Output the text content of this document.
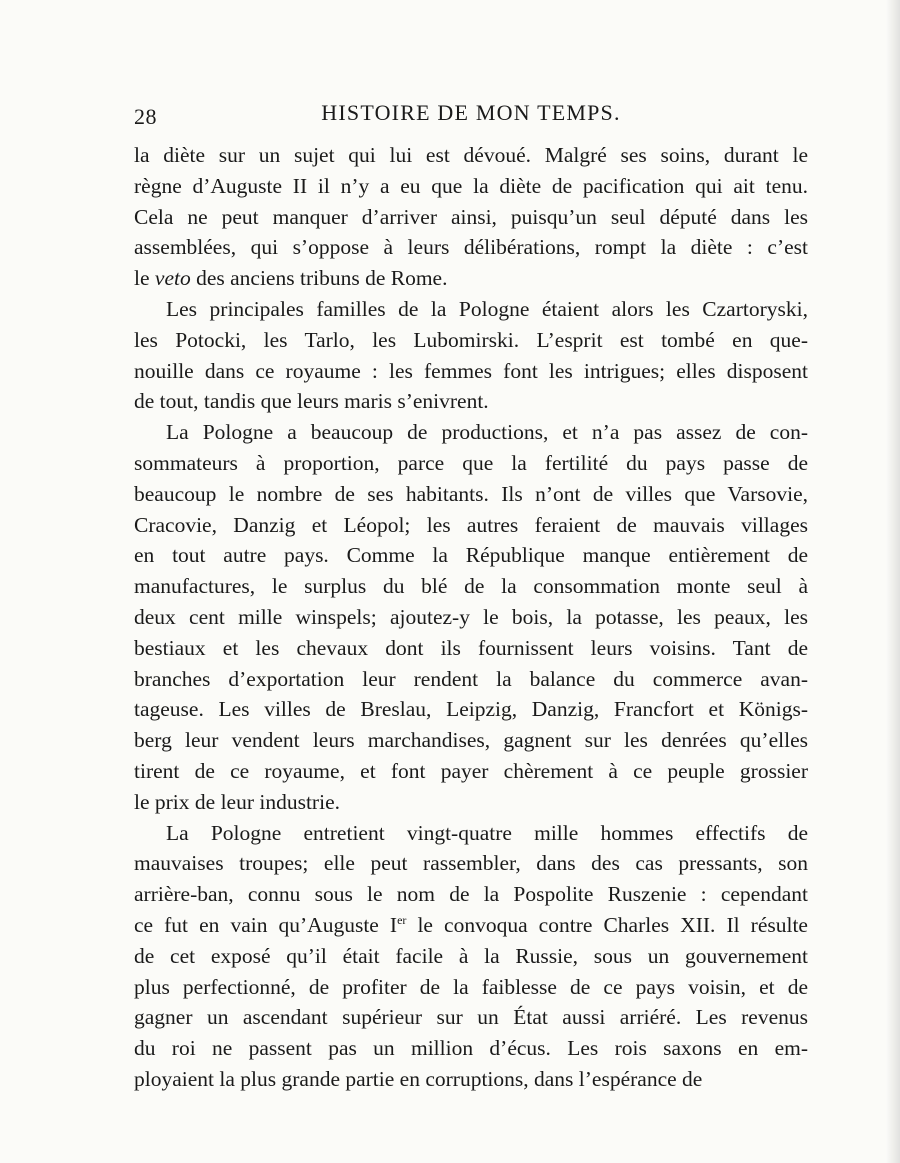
28	HISTOIRE DE MON TEMPS.
la diète sur un sujet qui lui est dévoué. Malgré ses soins, durant le
règne d’Auguste II il n’y a eu que la diète de pacification qui ait tenu.
Cela ne peut manquer d’arriver ainsi, puisqu’un seul député dans les
assemblées, qui s’oppose à leurs délibérations, rompt la diète : c’est
le veto des anciens tribuns de Rome.
Les principales familles de la Pologne étaient alors les Czartoryski,
les Potocki, les Tarlo, les Lubomirski. L’esprit est tombé en que-
nouille dans ce royaume : les femmes font les intrigues; elles disposent
de tout, tandis que leurs maris s’enivrent.
La Pologne a beaucoup de productions, et n’a pas assez de con-
sommateurs à proportion, parce que la fertilité du pays passe de
beaucoup le nombre de ses habitants. Ils n’ont de villes que Varsovie,
Cracovie, Danzig et Léopol; les autres feraient de mauvais villages
en tout autre pays. Comme la République manque entièrement de
manufactures, le surplus du blé de la consommation monte seul à
deux cent mille winspels; ajoutez-y le bois, la potasse, les peaux, les
bestiaux et les chevaux dont ils fournissent leurs voisins. Tant de
branches d’exportation leur rendent la balance du commerce avan-
tageuse. Les villes de Breslau, Leipzig, Danzig, Francfort et Königs-
berg leur vendent leurs marchandises, gagnent sur les denrées qu’elles
tirent de ce royaume, et font payer chèrement à ce peuple grossier
le prix de leur industrie.
La Pologne entretient vingt-quatre mille hommes effectifs de
mauvaises troupes; elle peut rassembler, dans des cas pressants, son
arrière-ban, connu sous le nom de la Pospolite Ruszenie : cependant
ce fut en vain qu’Auguste Ier le convoqua contre Charles XII. Il résulte
de cet exposé qu’il était facile à la Russie, sous un gouvernement
plus perfectionné, de profiter de la faiblesse de ce pays voisin, et de
gagner un ascendant supérieur sur un État aussi arriéré. Les revenus
du roi ne passent pas un million d’écus. Les rois saxons en em-
ployaient la plus grande partie en corruptions, dans l’espérance de
